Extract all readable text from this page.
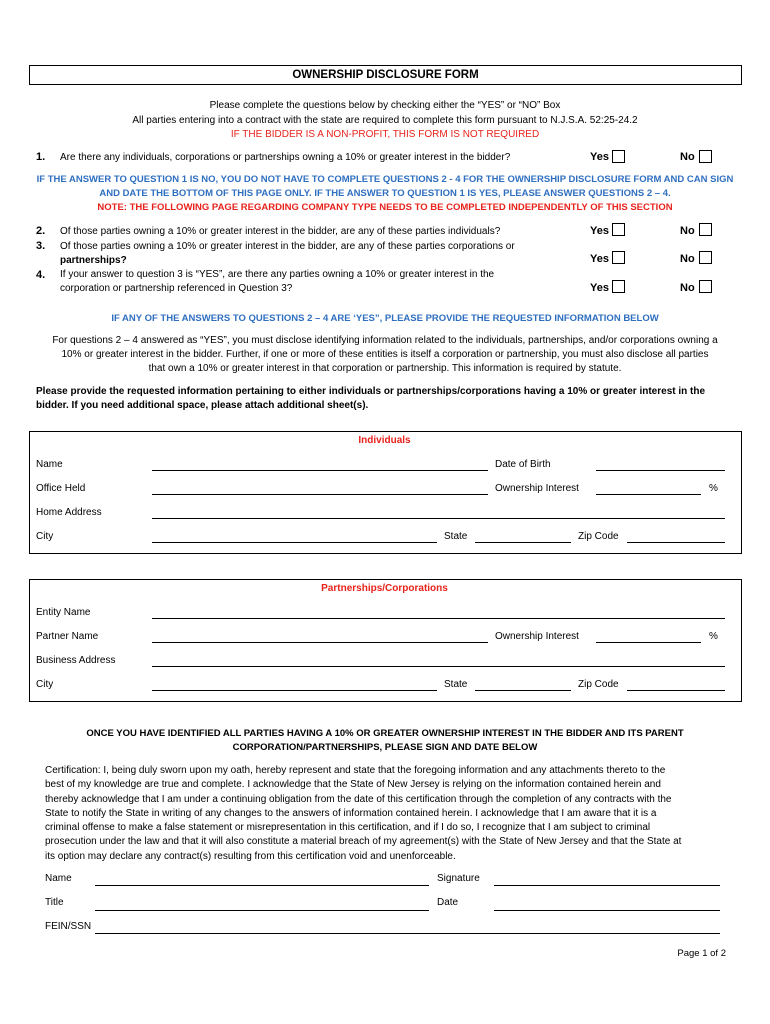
OWNERSHIP DISCLOSURE FORM
Please complete the questions below by checking either the “YES” or “NO” Box
All parties entering into a contract with the state are required to complete this form pursuant to N.J.S.A. 52:25-24.2
IF THE BIDDER IS A NON-PROFIT, THIS FORM IS NOT REQUIRED
1. Are there any individuals, corporations or partnerships owning a 10% or greater interest in the bidder?	Yes	No
IF THE ANSWER TO QUESTION 1 IS NO, YOU DO NOT HAVE TO COMPLETE QUESTIONS 2 - 4 FOR THE OWNERSHIP DISCLOSURE FORM AND CAN SIGN
AND DATE THE BOTTOM OF THIS PAGE ONLY. IF THE ANSWER TO QUESTION 1 IS YES, PLEASE ANSWER QUESTIONS 2 – 4.
NOTE: THE FOLLOWING PAGE REGARDING COMPANY TYPE NEEDS TO BE COMPLETED INDEPENDENTLY OF THIS SECTION
2. Of those parties owning a 10% or greater interest in the bidder, are any of these parties individuals?	Yes	No
3. Of those parties owning a 10% or greater interest in the bidder, are any of these parties corporations or
partnerships?	Yes	No
4. If your answer to question 3 is “YES”, are there any parties owning a 10% or greater interest in the
corporation or partnership referenced in Question 3?	Yes	No
IF ANY OF THE ANSWERS TO QUESTIONS 2 – 4 ARE ‘YES”, PLEASE PROVIDE THE REQUESTED INFORMATION BELOW
For questions 2 – 4 answered as “YES”, you must disclose identifying information related to the individuals, partnerships, and/or corporations owning a
10% or greater interest in the bidder. Further, if one or more of these entities is itself a corporation or partnership, you must also disclose all parties
that own a 10% or greater interest in that corporation or partnership. This information is required by statute.
Please provide the requested information pertaining to either individuals or partnerships/corporations having a 10% or greater interest in the
bidder. If you need additional space, please attach additional sheet(s).
Individuals
Name	Date of Birth
Office Held	Ownership Interest	%
Home Address
City	State	Zip Code
Partnerships/Corporations
Entity Name
Partner Name	Ownership Interest	%
Business Address
City	State	Zip Code
ONCE YOU HAVE IDENTIFIED ALL PARTIES HAVING A 10% OR GREATER OWNERSHIP INTEREST IN THE BIDDER AND ITS PARENT
CORPORATION/PARTNERSHIPS, PLEASE SIGN AND DATE BELOW
Certification: I, being duly sworn upon my oath, hereby represent and state that the foregoing information and any attachments thereto to the
best of my knowledge are true and complete. I acknowledge that the State of New Jersey is relying on the information contained herein and
thereby acknowledge that I am under a continuing obligation from the date of this certification through the completion of any contracts with the
State to notify the State in writing of any changes to the answers of information contained herein. I acknowledge that I am aware that it is a
criminal offense to make a false statement or misrepresentation in this certification, and if I do so, I recognize that I am subject to criminal
prosecution under the law and that it will also constitute a material breach of my agreement(s) with the State of New Jersey and that the State at
its option may declare any contract(s) resulting from this certification void and unenforceable.
Name	Signature
Title	Date
FEIN/SSN
Page 1 of 2
